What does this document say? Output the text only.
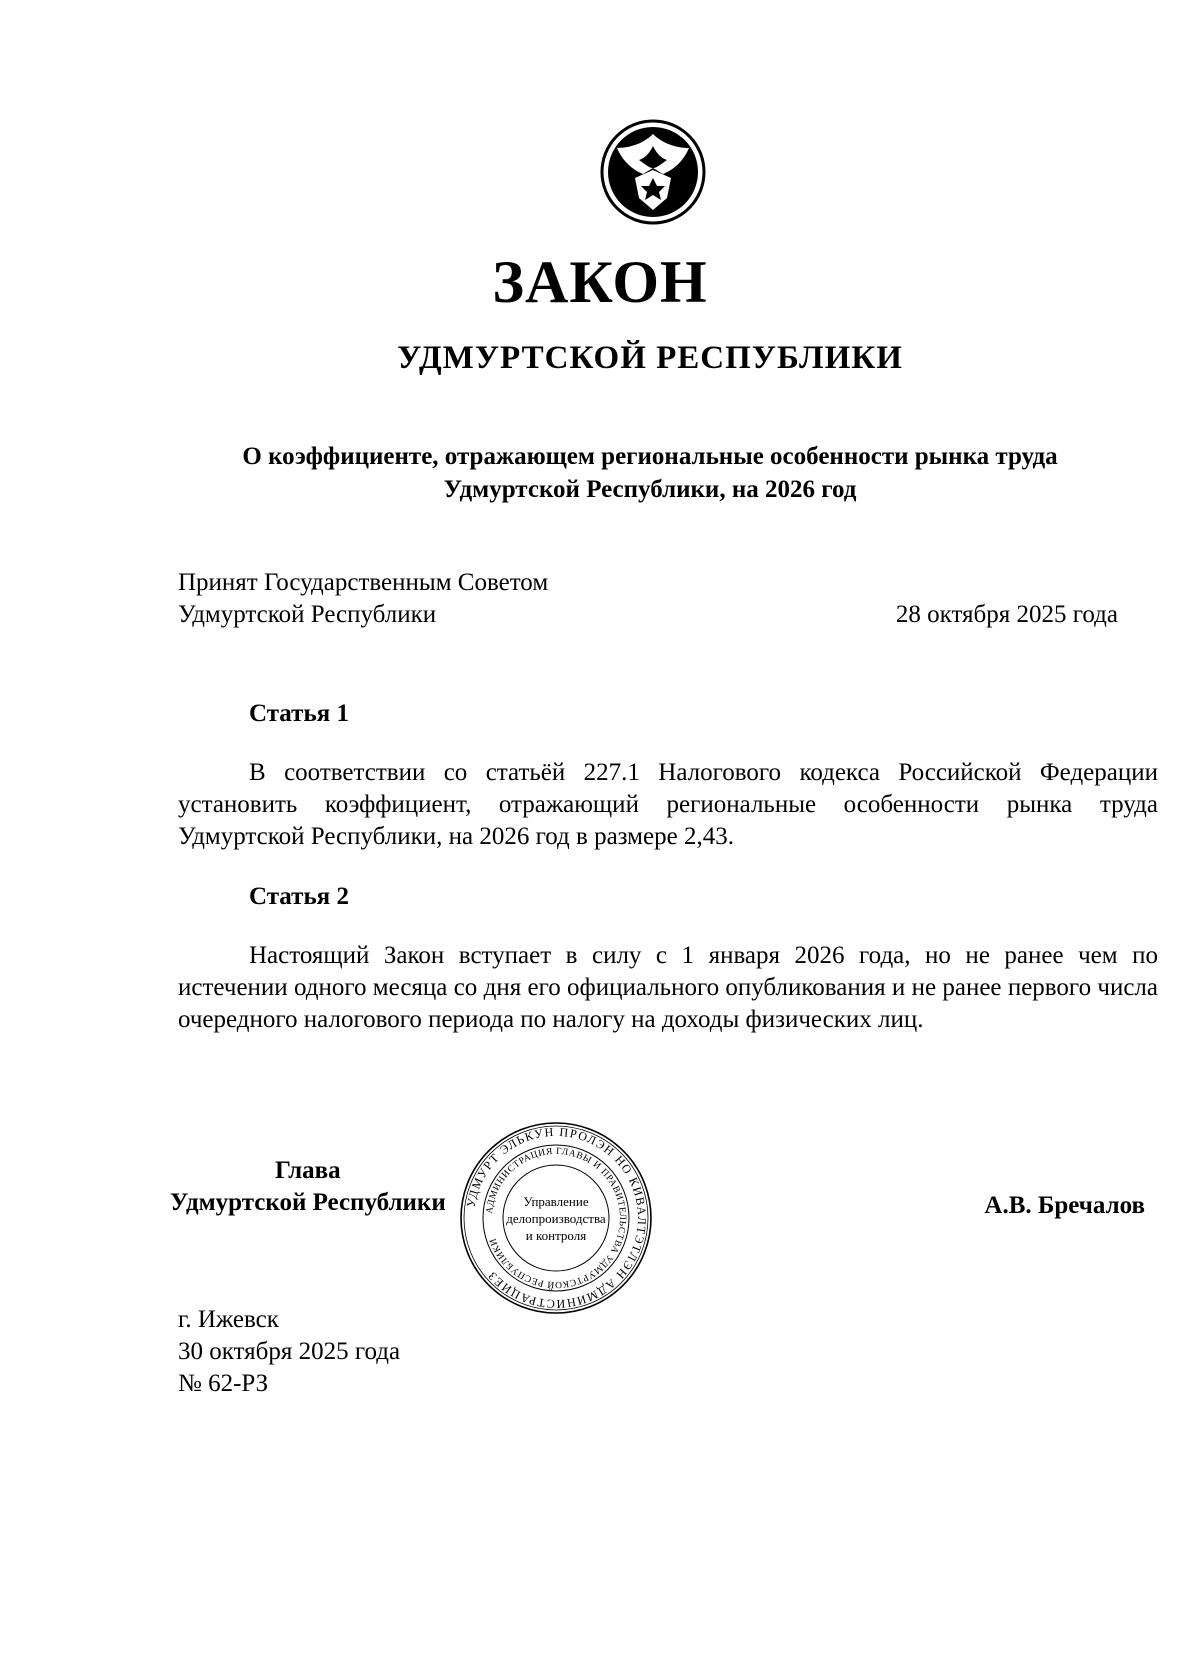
ЗАКОН
УДМУРТСКОЙ РЕСПУБЛИКИ
О коэффициенте, отражающем региональные особенности рынка труда
Удмуртской Республики, на 2026 год
Принят Государственным Советом
Удмуртской Республики	28 октября 2025 года
Статья 1
В соответствии со статьёй 227.1 Налогового кодекса Российской Федерации установить коэффициент, отражающий региональные особенности рынка труда Удмуртской Республики, на 2026 год в размере 2,43.
Статья 2
Настоящий Закон вступает в силу с 1 января 2026 года, но не ранее чем по истечении одного месяца со дня его официального опубликования и не ранее первого числа очередного налогового периода по налогу на доходы физических лиц.
УДМУРТ ЭЛЬКУН ПРОЛЭН НО КИВАЛТЭТЛЭН АДМИНИСТРАЦИЕЗ
АДМИНИСТРАЦИЯ ГЛАВЫ И ПРАВИТЕЛЬСТВА УДМУРТСКОЙ РЕСПУБЛИКИ
Управление
делопроизводства
и контроля
Глава
Удмуртской Республики	А.В. Бречалов
г. Ижевск
30 октября 2025 года
№ 62-РЗ
